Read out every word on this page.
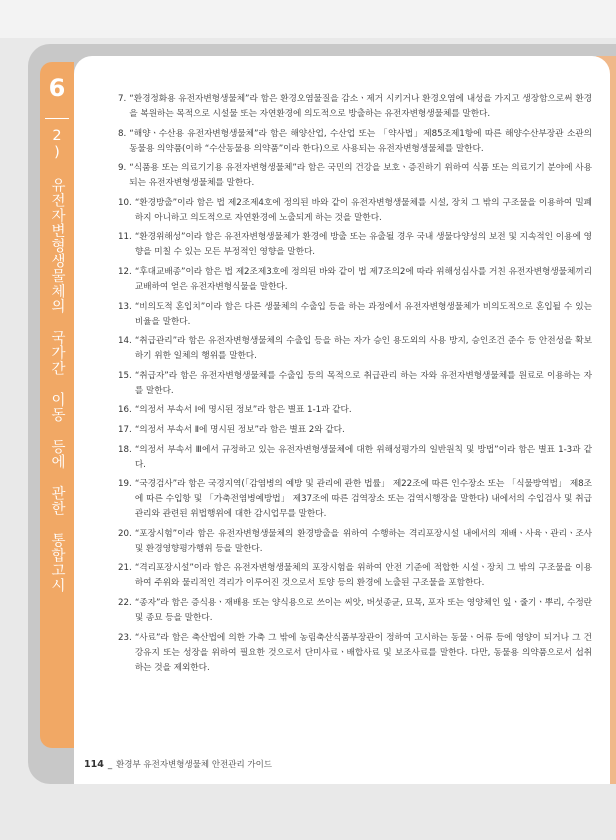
6
2) 유전자변형생물체의 국가간 이동 등에 관한 통합고시
7. “환경정화용 유전자변형생물체”라 함은 환경오염물질을 감소ㆍ제거 시키거나 환경오염에 내성을 가지고 생장함으로써 환경을 복원하는 목적으로 시설물 또는 자연환경에 의도적으로 방출하는 유전자변형생물체를 말한다.
8. “해양ㆍ수산용 유전자변형생물체”라 함은 해양산업, 수산업 또는 「약사법」제85조제1항에 따른 해양수산부장관 소관의 동물용 의약품(이하 “수산동물용 의약품”이라 한다)으로 사용되는 유전자변형생물체를 말한다.
9. “식품용 또는 의료기기용 유전자변형생물체”라 함은 국민의 건강을 보호ㆍ증진하기 위하여 식품 또는 의료기기 분야에 사용되는 유전자변형생물체를 말한다.
10. “환경방출”이라 함은 법 제2조제4호에 정의된 바와 같이 유전자변형생물체를 시설, 장치 그 밖의 구조물을 이용하여 밀폐하지 아니하고 의도적으로 자연환경에 노출되게 하는 것을 말한다.
11. “환경위해성”이라 함은 유전자변형생물체가 환경에 방출 또는 유출될 경우 국내 생물다양성의 보전 및 지속적인 이용에 영향을 미칠 수 있는 모든 부정적인 영향을 말한다.
12. “후대교배종”이라 함은 법 제2조제3호에 정의된 바와 같이 법 제7조의2에 따라 위해성심사를 거친 유전자변형생물체끼리 교배하여 얻은 유전자변형식물을 말한다.
13. “비의도적 혼입치”이라 함은 다른 생물체의 수출입 등을 하는 과정에서 유전자변형생물체가 비의도적으로 혼입될 수 있는 비율을 말한다.
14. “취급관리”라 함은 유전자변형생물체의 수출입 등을 하는 자가 승인 용도외의 사용 방지, 승인조건 준수 등 안전성을 확보하기 위한 일체의 행위를 말한다.
15. “취급자”라 함은 유전자변형생물체를 수출입 등의 목적으로 취급관리 하는 자와 유전자변형생물체를 원료로 이용하는 자를 말한다.
16. “의정서 부속서 Ⅰ에 명시된 정보”라 함은 별표 1-1과 같다.
17. “의정서 부속서 Ⅱ에 명시된 정보”라 함은 별표 2와 같다.
18. “의정서 부속서 Ⅲ에서 규정하고 있는 유전자변형생물체에 대한 위해성평가의 일반원칙 및 방법”이라 함은 별표 1-3과 같다.
19. “국경검사”라 함은 국경지역(「감염병의 예방 및 관리에 관한 법률」 제22조에 따른 인수장소 또는 「식물방역법」 제8조에 따른 수입항 및 「가축전염병예방법」 제37조에 따른 검역장소 또는 검역시행장을 말한다) 내에서의 수입검사 및 취급관리와 관련된 위법행위에 대한 감시업무를 말한다.
20. “포장시험”이라 함은 유전자변형생물체의 환경방출을 위하여 수행하는 격리포장시설 내에서의 재배ㆍ사육ㆍ관리ㆍ조사 및 환경영향평가행위 등을 말한다.
21. “격리포장시설”이라 함은 유전자변형생물체의 포장시험을 위하여 안전 기준에 적합한 시설ㆍ장치 그 밖의 구조물을 이용하여 주위와 물리적인 격리가 이루어진 것으로서 토양 등의 환경에 노출된 구조물을 포함한다.
22. “종자”라 함은 증식용ㆍ재배용 또는 양식용으로 쓰이는 씨앗, 버섯종균, 묘목, 포자 또는 영양체인 잎ㆍ줄기ㆍ뿌리, 수정란 및 종묘 등을 말한다.
23. “사료”라 함은 축산법에 의한 가축 그 밖에 농림축산식품부장관이 정하여 고시하는 동물ㆍ어류 등에 영양이 되거나 그 건강유지 또는 성장을 위하여 필요한 것으로서 단미사료ㆍ배합사료 및 보조사료를 말한다. 다만, 동물용 의약품으로서 섭취하는 것을 제외한다.
114 _ 환경부 유전자변형생물체 안전관리 가이드
